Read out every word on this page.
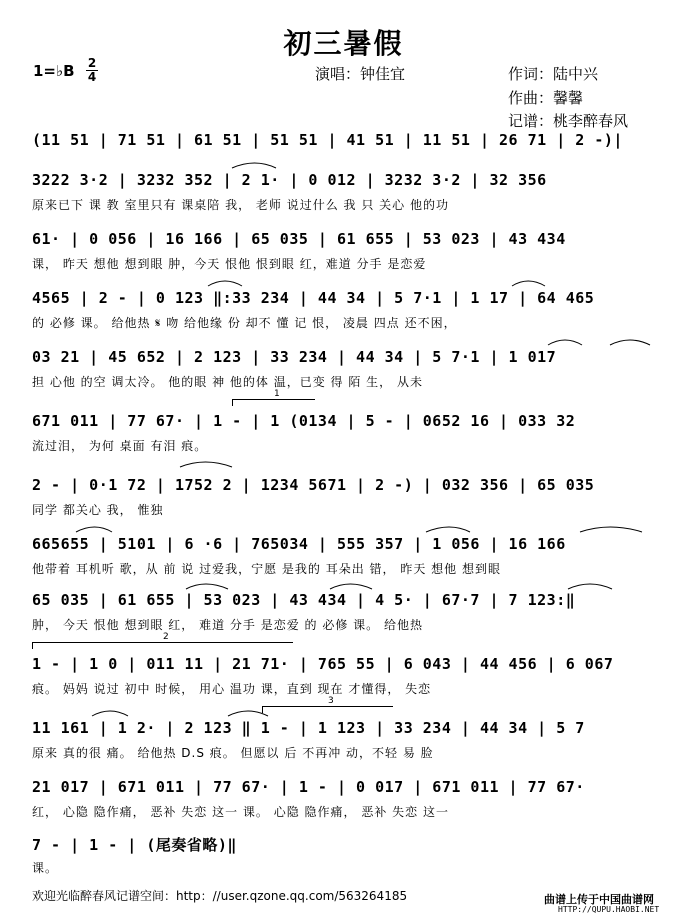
初三暑假
1=♭B 2
4	演唱：钟佳宜	作词：陆中兴
作曲：馨馨
记谱：桃李醉春风
(11 51 | 71 51 | 61 51 | 51 51 | 41 51 | 11 51 | 26 71 | 2 -)|
3222 3·2 | 3232 352 | 2 1· | 0 012 | 3232 3·2 | 32 356
原来已下 课 教 室里只有 课桌陪 我， 老师 说过什么 我 只 关心 他的功
61· | 0 056 | 16 166 | 65 035 | 61 655 | 53 023 | 43 434
课， 昨天 想他 想到眼 肿，今天 恨他 恨到眼 红，难道 分手 是恋爱
4565 | 2 - | 0 123 ‖:33 234 | 44 34 | 5 7·1 | 1 17 | 64 465
的 必修 课。 给他热 𝄋 吻 给他缘 份 却不 懂 记 恨， 凌晨 四点 还不困，
03 21 | 45 652 | 2 123 | 33 234 | 44 34 | 5 7·1 | 1 017
担 心他 的空 调太冷。 他的眼 神 他的体 温，已变 得 陌 生， 从未
671 011 | 77 67· | 1 - | 1 (0134 | 5 - | 0652 16 | 033 32
流过泪， 为何 桌面 有泪 痕。
2 - | 0·1 72 | 1752 2 | 1234 5671 | 2 -) | 032 356 | 65 035
同学 都关心 我， 惟独
665655 | 5101 | 6 ·6 | 765034 | 555 357 | 1 056 | 16 166
他带着 耳机听 歌，从 前 说 过爱我，宁愿 是我的 耳朵出 错， 昨天 想他 想到眼
65 035 | 61 655 | 53 023 | 43 434 | 4 5· | 67·7 | 7 123:‖
肿， 今天 恨他 想到眼 红， 难道 分手 是恋爱 的 必修 课。 给他热
1 - | 1 0 | 011 11 | 21 71· | 765 55 | 6 043 | 44 456 | 6 067
痕。 妈妈 说过 初中 时候， 用心 温功 课，直到 现在 才懂得， 失恋
11 161 | 1 2· | 2 123 ‖ 1 - | 1 123 | 33 234 | 44 34 | 5 7
原来 真的很 痛。 给他热 D.S 痕。 但愿以 后 不再冲 动，不轻 易 脸
21 017 | 671 011 | 77 67· | 1 - | 0 017 | 671 011 | 77 67·
红， 心隐 隐作痛， 恶补 失恋 这一 课。 心隐 隐作痛， 恶补 失恋 这一
7 - | 1 - | (尾奏省略)‖
课。
1
2
3
欢迎光临醉春风记谱空间：http：//user.qzone.qq.com/563264185	曲谱上传于中国曲谱网
HTTP://QUPU.HAOBI.NET
